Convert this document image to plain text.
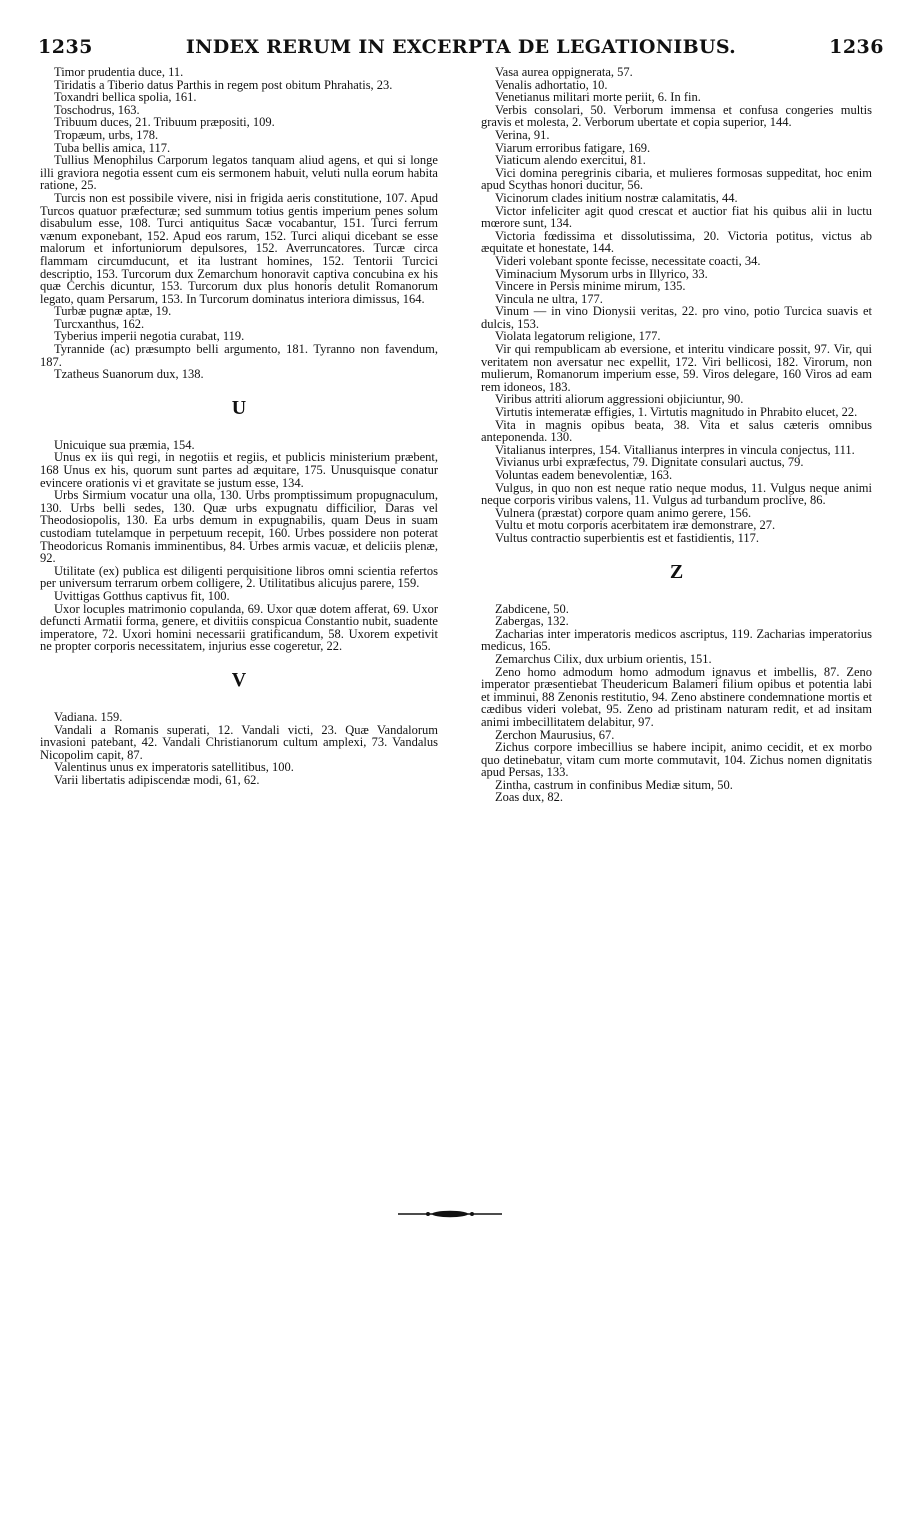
1235	INDEX RERUM IN EXCERPTA DE LEGATIONIBUS.	1236

Timor prudentia duce, 11.

Tiridatis a Tiberio datus Parthis in regem post obitum Phrahatis, 23.

Toxandri bellica spolia, 161.

Toschodrus, 163.

Tribuum duces, 21. Tribuum præpositi, 109.

Tropæum, urbs, 178.

Tuba bellis amica, 117.

Tullius Menophilus Carporum legatos tanquam aliud agens, et qui si longe illi graviora negotia essent cum eis sermonem habuit, veluti nulla eorum habita ratione, 25.

Turcis non est possibile vivere, nisi in frigida aeris constitutione, 107. Apud Turcos quatuor præfecturæ; sed summum totius gentis imperium penes solum disabulum esse, 108. Turci antiquitus Sacæ vocabantur, 151. Turci ferrum vænum exponebant, 152. Apud eos rarum, 152. Turci aliqui dicebant se esse malorum et infortuniorum depulsores, 152. Averruncatores. Turcæ circa flammam circumducunt, et ita lustrant homines, 152. Tentorii Turcici descriptio, 153. Turcorum dux Zemarchum honoravit captiva concubina ex his quæ Cerchis dicuntur, 153. Turcorum dux plus honoris detulit Romanorum legato, quam Persarum, 153. In Turcorum dominatus interiora dimissus, 164.

Turbæ pugnæ aptæ, 19.

Turcxanthus, 162.

Tyberius imperii negotia curabat, 119.

Tyrannide (ac) præsumpto belli argumento, 181. Tyranno non favendum, 187.

Tzatheus Suanorum dux, 138.

U

Unicuique sua præmia, 154.

Unus ex iis qui regi, in negotiis et regiis, et publicis ministerium præbent, 168 Unus ex his, quorum sunt partes ad æquitare, 175. Unusquisque conatur evincere orationis vi et gravitate se justum esse, 134.

Urbs Sirmium vocatur una olla, 130. Urbs promptissimum propugnaculum, 130. Urbs belli sedes, 130. Quæ urbs expugnatu difficilior, Daras vel Theodosiopolis, 130. Ea urbs demum in expugnabilis, quam Deus in suam custodiam tutelamque in perpetuum recepit, 160. Urbes possidere non poterat Theodoricus Romanis imminentibus, 84. Urbes armis vacuæ, et deliciis plenæ, 92.

Utilitate (ex) publica est diligenti perquisitione libros omni scientia refertos per universum terrarum orbem colligere, 2. Utilitatibus alicujus parere, 159.

Uvittigas Gotthus captivus fit, 100.

Uxor locuples matrimonio copulanda, 69. Uxor quæ dotem afferat, 69. Uxor defuncti Armatii forma, genere, et divitiis conspicua Constantio nubit, suadente imperatore, 72. Uxori homini necessarii gratificandum, 58. Uxorem expetivit ne propter corporis necessitatem, injurius esse cogeretur, 22.

V

Vadiana. 159.

Vandali a Romanis superati, 12. Vandali victi, 23. Quæ Vandalorum invasioni patebant, 42. Vandali Christianorum cultum amplexi, 73. Vandalus Nicopolim capit, 87.

Valentinus unus ex imperatoris satellitibus, 100.

Varii libertatis adipiscendæ modi, 61, 62.

Vasa aurea oppignerata, 57.

Venalis adhortatio, 10.

Venetianus militari morte periit, 6. In fin.

Verbis consolari, 50. Verborum immensa et confusa congeries multis gravis et molesta, 2. Verborum ubertate et copia superior, 144.

Verina, 91.

Viarum erroribus fatigare, 169.

Viaticum alendo exercitui, 81.

Vici domina peregrinis cibaria, et mulieres formosas suppeditat, hoc enim apud Scythas honori ducitur, 56.

Vicinorum clades initium nostræ calamitatis, 44.

Victor infeliciter agit quod crescat et auctior fiat his quibus alii in luctu mœrore sunt, 134.

Victoria fœdissima et dissolutissima, 20. Victoria potitus, victus ab æquitate et honestate, 144.

Videri volebant sponte fecisse, necessitate coacti, 34.

Viminacium Mysorum urbs in Illyrico, 33.

Vincere in Persis minime mirum, 135.

Vincula ne ultra, 177.

Vinum — in vino Dionysii veritas, 22. pro vino, potio Turcica suavis et dulcis, 153.

Violata legatorum religione, 177.

Vir qui rempublicam ab eversione, et interitu vindicare possit, 97. Vir, qui veritatem non aversatur nec expellit, 172. Viri bellicosi, 182. Virorum, non mulierum, Romanorum imperium esse, 59. Viros delegare, 160 Viros ad eam rem idoneos, 183.

Viribus attriti aliorum aggressioni objiciuntur, 90.

Virtutis intemeratæ effigies, 1. Virtutis magnitudo in Phrabito elucet, 22.

Vita in magnis opibus beata, 38. Vita et salus cæteris omnibus anteponenda. 130.

Vitalianus interpres, 154. Vitallianus interpres in vincula conjectus, 111.

Vivianus urbi expræfectus, 79. Dignitate consulari auctus, 79.

Voluntas eadem benevolentiæ, 163.

Vulgus, in quo non est neque ratio neque modus, 11. Vulgus neque animi neque corporis viribus valens, 11. Vulgus ad turbandum proclive, 86.

Vulnera (præstat) corpore quam animo gerere, 156.

Vultu et motu corporis acerbitatem iræ demonstrare, 27.

Vultus contractio superbientis est et fastidientis, 117.

Z

Zabdicene, 50.

Zabergas, 132.

Zacharias inter imperatoris medicos ascriptus, 119. Zacharias imperatorius medicus, 165.

Zemarchus Cilix, dux urbium orientis, 151.

Zeno homo admodum homo admodum ignavus et imbellis, 87. Zeno imperator præsentiebat Theudericum Balameri filium opibus et potentia labi et imminui, 88 Zenonis restitutio, 94. Zeno abstinere condemnatione mortis et cædibus videri volebat, 95. Zeno ad pristinam naturam redit, et ad insitam animi imbecillitatem delabitur, 97.

Zerchon Maurusius, 67.

Zichus corpore imbecillius se habere incipit, animo cecidit, et ex morbo quo detinebatur, vitam cum morte commutavit, 104. Zichus nomen dignitatis apud Persas, 133.

Zintha, castrum in confinibus Mediæ situm, 50.

Zoas dux, 82.
